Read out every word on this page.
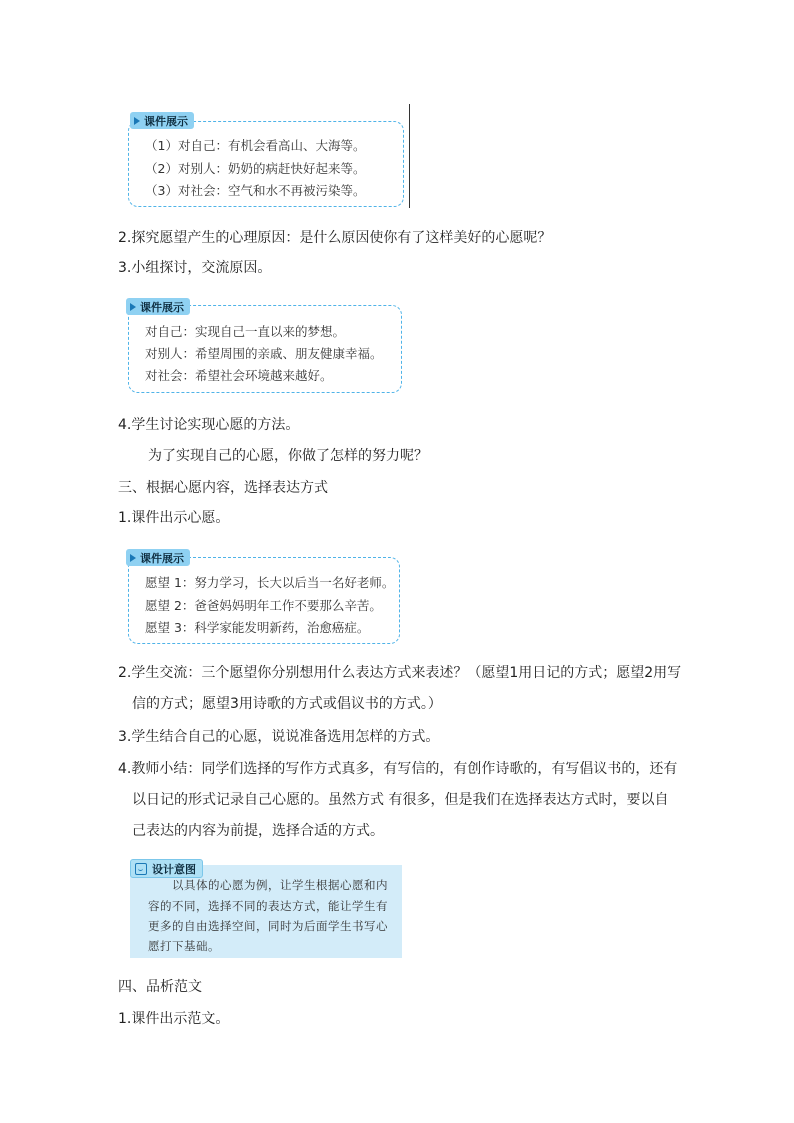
课件展示
（1）对自己：有机会看高山、大海等。
（2）对别人：奶奶的病赶快好起来等。
（3）对社会：空气和水不再被污染等。
2.探究愿望产生的心理原因：是什么原因使你有了这样美好的心愿呢？
3.小组探讨，交流原因。
课件展示
对自己：实现自己一直以来的梦想。
对别人：希望周围的亲戚、朋友健康幸福。
对社会：希望社会环境越来越好。
4.学生讨论实现心愿的方法。
为了实现自己的心愿，你做了怎样的努力呢？
三、根据心愿内容，选择表达方式
1.课件出示心愿。
课件展示
愿望 1：努力学习，长大以后当一名好老师。
愿望 2：爸爸妈妈明年工作不要那么辛苦。
愿望 3：科学家能发明新药，治愈癌症。
2.学生交流：三个愿望你分别想用什么表达方式来表述？（愿望1用日记的方式；愿望2用写
信的方式；愿望3用诗歌的方式或倡议书的方式。）
3.学生结合自己的心愿，说说准备选用怎样的方式。
4.教师小结：同学们选择的写作方式真多，有写信的，有创作诗歌的，有写倡议书的，还有
以日记的形式记录自己心愿的。虽然方式 有很多，但是我们在选择表达方式时，要以自
己表达的内容为前提，选择合适的方式。
设计意图
以具体的心愿为例，让学生根据心愿和内
容的不同，选择不同的表达方式，能让学生有
更多的自由选择空间，同时为后面学生书写心
愿打下基础。
四、品析范文
1.课件出示范文。
